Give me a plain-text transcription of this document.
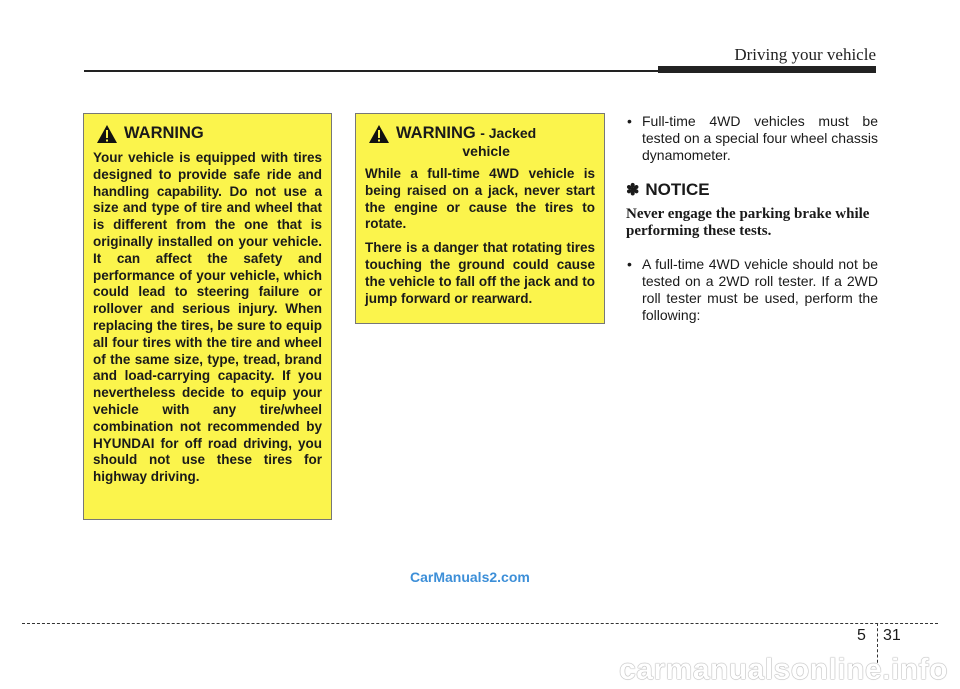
Driving your vehicle
WARNING

Your vehicle is equipped with tires designed to provide safe ride and handling capability. Do not use a size and type of tire and wheel that is different from the one that is originally installed on your vehicle. It can affect the safety and performance of your vehicle, which could lead to steering failure or rollover and serious injury. When replacing the tires, be sure to equip all four tires with the tire and wheel of the same size, type, tread, brand and load-carrying capacity. If you nevertheless decide to equip your vehicle with any tire/wheel combination not recommended by HYUNDAI for off road driving, you should not use these tires for highway driving.

WARNING - Jacked
vehicle

While a full-time 4WD vehicle is being raised on a jack, never start the engine or cause the tires to rotate.

There is a danger that rotating tires touching the ground could cause the vehicle to fall off the jack and to jump forward or rearward.

• Full-time 4WD vehicles must be tested on a special four wheel chassis dynamometer.

✽ NOTICE

Never engage the parking brake while performing these tests.

• A full-time 4WD vehicle should not be tested on a 2WD roll tester. If a 2WD roll tester must be used, perform the following:

CarManuals2.com
5 31
carmanualsonline.info
